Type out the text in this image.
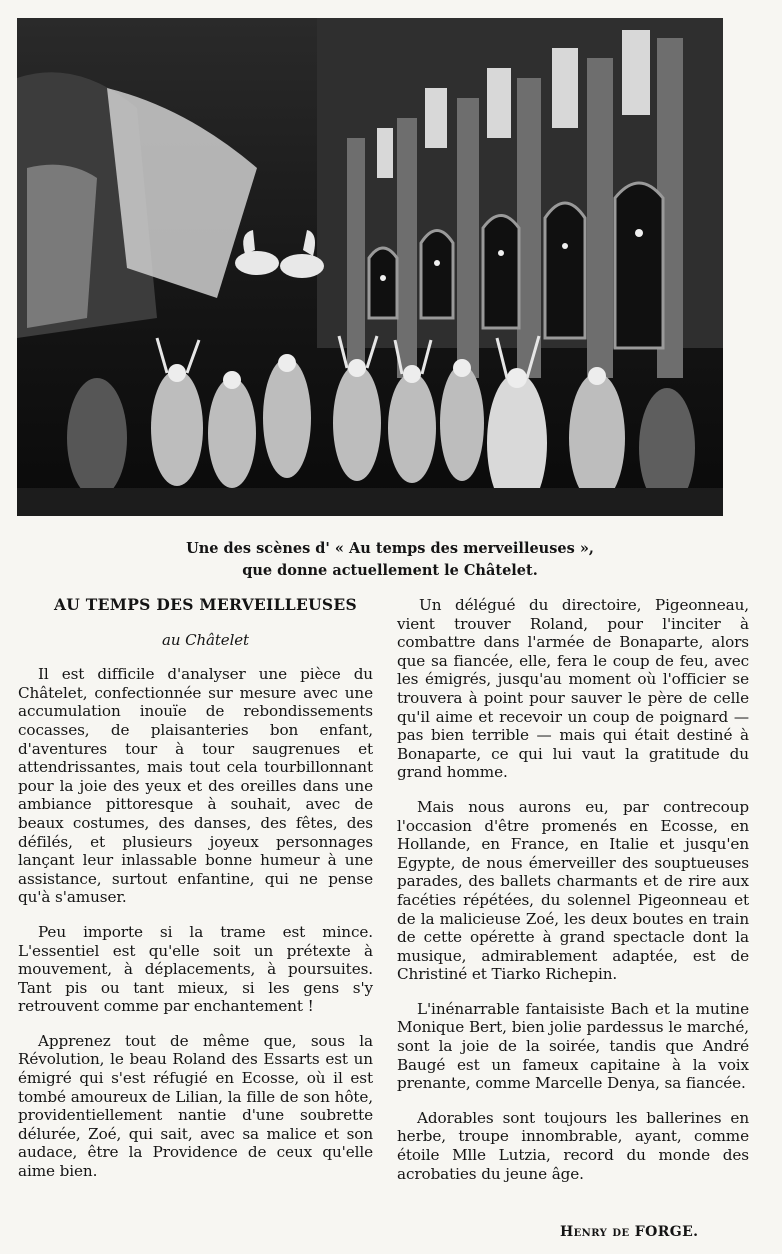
Une des scènes d' « Au temps des merveilleuses »,
que donne actuellement le Châtelet.

AU TEMPS DES MERVEILLEUSES

au Châtelet

Il est difficile d'analyser une pièce du Châtelet, confectionnée sur mesure avec une accumulation inouïe de rebondissements cocasses, de plaisanteries bon enfant, d'aventures tour à tour saugrenues et attendrissantes, mais tout cela tourbillonnant pour la joie des yeux et des oreilles dans une ambiance pittoresque à souhait, avec de beaux costumes, des danses, des fêtes, des défilés, et plusieurs joyeux personnages lançant leur inlassable bonne humeur à une assistance, surtout enfantine, qui ne pense qu'à s'amuser.

Peu importe si la trame est mince. L'essentiel est qu'elle soit un prétexte à mouvement, à déplacements, à poursuites. Tant pis ou tant mieux, si les gens s'y retrouvent comme par enchantement !

Apprenez tout de même que, sous la Révolution, le beau Roland des Essarts est un émigré qui s'est réfugié en Ecosse, où il est tombé amoureux de Lilian, la fille de son hôte, providentiellement nantie d'une soubrette délurée, Zoé, qui sait, avec sa malice et son audace, être la Providence de ceux qu'elle aime bien.

Un délégué du directoire, Pigeonneau, vient trouver Roland, pour l'inciter à combattre dans l'armée de Bonaparte, alors que sa fiancée, elle, fera le coup de feu, avec les émigrés, jusqu'au moment où l'officier se trouvera à point pour sauver le père de celle qu'il aime et recevoir un coup de poignard — pas bien terrible — mais qui était destiné à Bonaparte, ce qui lui vaut la gratitude du grand homme.

Mais nous aurons eu, par contrecoup l'occasion d'être promenés en Ecosse, en Hollande, en France, en Italie et jusqu'en Egypte, de nous émerveiller des souptueuses parades, des ballets charmants et de rire aux facéties répétées, du solennel Pigeonneau et de la malicieuse Zoé, les deux boutes en train de cette opérette à grand spectacle dont la musique, admirablement adaptée, est de Christiné et Tiarko Richepin.

L'inénarrable fantaisiste Bach et la mutine Monique Bert, bien jolie pardessus le marché, sont la joie de la soirée, tandis que André Baugé est un fameux capitaine à la voix prenante, comme Marcelle Denya, sa fiancée.

Adorables sont toujours les ballerines en herbe, troupe innombrable, ayant, comme étoile Mlle Lutzia, record du monde des acrobaties du jeune âge.

Henry de FORGE.
